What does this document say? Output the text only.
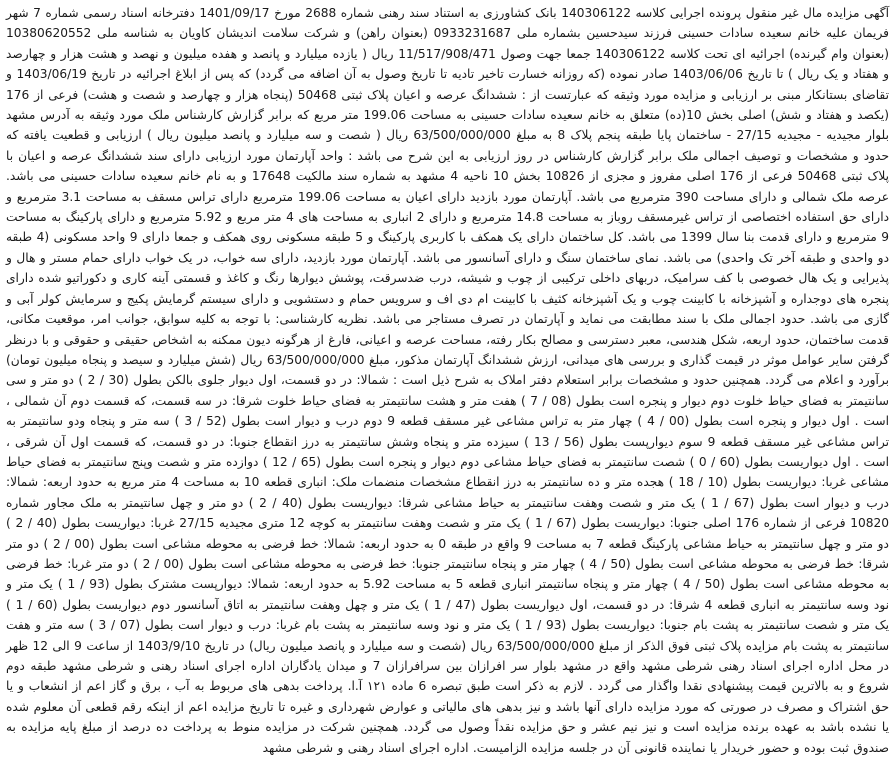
آگهی مزایده مال غیر منقول پرونده اجرایی کلاسه 140306122 بانک کشاورزی به استناد سند رهنی شماره 2688 مورخ 1401/09/17 دفترخانه اسناد رسمی شماره 7 شهر فریمان علیه خانم سعیده سادات حسینی فرزند سیدحسین بشماره ملی 0933231687 (بعنوان راهن) و شرکت سلامت اندیشان کاویان به شناسه ملی 10380620552 (بعنوان وام گیرنده) اجرائیه ای تحت کلاسه 140306122 جمعا جهت وصول 11/517/908/471 ریال ( یازده میلیارد و پانصد و هفده میلیون و نهصد و هشت هزار و چهارصد و هفتاد و یک ریال ) تا تاریخ 1403/06/06 صادر نموده (که روزانه خسارت تاخیر تادیه تا تاریخ وصول به آن اضافه می گردد) که پس از ابلاغ اجرائیه در تاریخ 1403/06/19 و تقاضای بستانکار مبنی بر ارزیابی و مزایده مورد وثیقه که عبارتست از : ششدانگ عرصه و اعیان پلاک ثبتی 50468 (پنجاه هزار و چهارصد و شصت و هشت) فرعی از 176 (یکصد و هفتاد و شش) اصلی بخش 10(ده) متعلق به خانم سعیده سادات حسینی به مساحت 199.06 متر مربع که برابر گزارش کارشناس ملک مورد وثیقه به آدرس مشهد بلوار مجیدیه - مجیدیه 27/15 - ساختمان پایا طبقه پنجم پلاک 8 به مبلغ 63/500/000/000 ریال ( شصت و سه میلیارد و پانصد میلیون ریال ) ارزیابی و قطعیت یافته که حدود و مشخصات و توصیف اجمالی ملک برابر گزارش کارشناس در روز ارزیابی به این شرح می باشد : واحد آپارتمان مورد ارزیابی دارای سند ششدانگ عرصه و اعیان با پلاک ثبتی 50468 فرعی از 176 اصلی مفروز و مجزی از 10826 بخش 10 ناحیه 4 مشهد به شماره سند مالکیت 17648 و به نام خانم سعیده سادات حسینی می باشد. عرصه ملک شمالی و دارای مساحت 390 مترمربع می باشد. آپارتمان مورد بازدید دارای اعیان به مساحت 199.06 مترمربع دارای تراس مسقف به مساحت 3.1 مترمربع و دارای حق استفاده اختصاصی از تراس غیرمسقف روباز به مساحت 14.8 مترمربع و دارای 2 انباری به مساحت های 4 متر مربع و 5.92 مترمربع و دارای پارکینگ به مساحت 9 مترمربع و دارای قدمت بنا سال 1399 می باشد. کل ساختمان دارای یک همکف با کاربری پارکینگ و 5 طبقه مسکونی روی همکف و جمعا دارای 9 واحد مسکونی (4 طبقه دو واحدی و طبقه آخر تک واحدی) می باشد. نمای ساختمان سنگ و دارای آسانسور می باشد. آپارتمان مورد بازدید، دارای سه خواب، در یک خواب دارای حمام مستر و هال و پذیرایی و یک هال خصوصی با کف سرامیک، دربهای داخلی ترکیبی از چوب و شیشه، درب ضدسرقت، پوشش دیوارها رنگ و کاغذ و قسمتی آینه کاری و دکوراتیو شده دارای پنجره های دوجداره و آشپزخانه با کابینت چوب و یک آشپزخانه کثیف با کابینت ام دی اف و سرویس حمام و دستشویی و دارای سیستم گرمایش پکیج و سرمایش کولر آبی و گازی می باشد. حدود اجمالی ملک با سند مطابقت می نماید و آپارتمان در تصرف مستاجر می باشد. نظریه کارشناسی: با توجه به کلیه سوابق، جوانب امر، موقعیت مکانی، قدمت ساختمان، حدود اربعه، شکل هندسی، معبر دسترسی و مصالح بکار رفته، مساحت عرصه و اعیانی، فارغ از هرگونه دیون ممکنه به اشخاص حقیقی و حقوقی و با درنظر گرفتن سایر عوامل موثر در قیمت گذاری و بررسی های میدانی، ارزش ششدانگ آپارتمان مذکور، مبلغ 63/500/000/000 ریال (شش میلیارد و سیصد و پنجاه میلیون تومان) برآورد و اعلام می گردد. همچنین حدود و مشخصات برابر استعلام دفتر املاک به شرح ذیل است : شمالا: در دو قسمت، اول دیوار جلوی بالکن بطول (30 / 2 ) دو متر و سی سانتیمتر به فضای حیاط خلوت دوم دیوار و پنجره است بطول (08 / 7 ) هفت متر و هشت سانتیمتر به فضای حیاط خلوت شرقا: در سه قسمت، که قسمت دوم آن شمالی ، است . اول دیوار و پنجره است بطول (00 / 4 ) چهار متر به تراس مشاعی غیر مسقف قطعه 9 دوم درب و دیوار است بطول (52 / 3 ) سه متر و پنجاه ودو سانتیمتر به تراس مشاعی غیر مسقف قطعه 9 سوم دیوارپست بطول (56 / 13 ) سیزده متر و پنجاه وشش سانتیمتر به درز انقطاع جنوبا: در دو قسمت، که قسمت اول آن شرقی ، است . اول دیواریست بطول (60 / 0 ) شصت سانتیمتر به فضای حیاط مشاعی دوم دیوار و پنجره است بطول (65 / 12 ) دوازده متر و شصت وپنج سانتیمتر به فضای حیاط مشاعی غربا: دیواریست بطول (10 / 18 ) هجده متر و ده سانتیمتر به درز انقطاع مشخصات منضمات ملک: انباری قطعه 10 به مساحت 4 متر مربع به حدود اربعه: شمالا: درب و دیوار است بطول (67 / 1 ) یک متر و شصت وهفت سانتیمتر به حیاط مشاعی شرقا: دیواریست بطول (40 / 2 ) دو متر و چهل سانتیمتر به ملک مجاور شماره 10820 فرعی از شماره 176 اصلی جنوبا: دیواریست بطول (67 / 1 ) یک متر و شصت وهفت سانتیمتر به کوچه 12 متری مجیدیه 27/15 غربا: دیواریست بطول (40 / 2 ) دو متر و چهل سانتیمتر به حیاط مشاعی پارکینگ قطعه 7 به مساحت 9 واقع در طبقه 0 به حدود اربعه: شمالا: خط فرضی به محوطه مشاعی است بطول (00 / 2 ) دو متر شرقا: خط فرضی به محوطه مشاعی است بطول (50 / 4 ) چهار متر و پنجاه سانتیمتر جنوبا: خط فرضی به محوطه مشاعی است بطول (00 / 2 ) دو متر غربا: خط فرضی به محوطه مشاعی است بطول (50 / 4 ) چهار متر و پنجاه سانتیمتر انباری قطعه 5 به مساحت 5.92 به حدود اربعه: شمالا: دیوارپست مشترک بطول (93 / 1 ) یک متر و نود وسه سانتیمتر به انباری قطعه 4 شرقا: در دو قسمت، اول دیواریست بطول (47 / 1 ) یک متر و چهل وهفت سانتیمتر به اتاق آسانسور دوم دیواریست بطول (60 / 1 ) یک متر و شصت سانتیمتر به پشت بام جنوبا: دیواریست بطول (93 / 1 ) یک متر و نود وسه سانتیمتر به پشت بام غربا: درب و دیوار است بطول (07 / 3 ) سه متر و هفت سانتیمتر به پشت بام مزایده پلاک ثبتی فوق الذکر از مبلغ 63/500/000/000 ریال (شصت و سه میلیارد و پانصد میلیون ریال) در تاریخ 1403/9/10 از ساعت 9 الی 12 ظهر در محل اداره اجرای اسناد رهنی شرطی مشهد واقع در مشهد بلوار سر افرازان بین سرافرازان 7 و میدان یادگاران اداره اجرای اسناد رهنی و شرطی مشهد طبقه دوم شروع و به بالاترین قیمت پیشنهادی نقدا واگذار می گردد . لازم به ذکر است طبق تبصره 6 ماده ۱۲۱ آ.ا. پرداخت بدهی های مربوط به آب ، برق و گاز اعم از انشعاب و یا حق اشتراک و مصرف در صورتی که مورد مزایده دارای آنها باشد و نیز بدهی های مالیاتی و عوارض شهرداری و غیره تا تاریخ مزایده اعم از اینکه رقم قطعی آن معلوم شده یا نشده باشد به عهده برنده مزایده است و نیز نیم عشر و حق مزایده نقداً وصول می گردد. همچنین شرکت در مزایده منوط به پرداخت ده درصد از مبلغ پایه مزایده به صندوق ثبت بوده و حضور خریدار یا نماینده قانونی آن در جلسه مزایده الزامیست. اداره اجرای اسناد رهنی و شرطی مشهد
